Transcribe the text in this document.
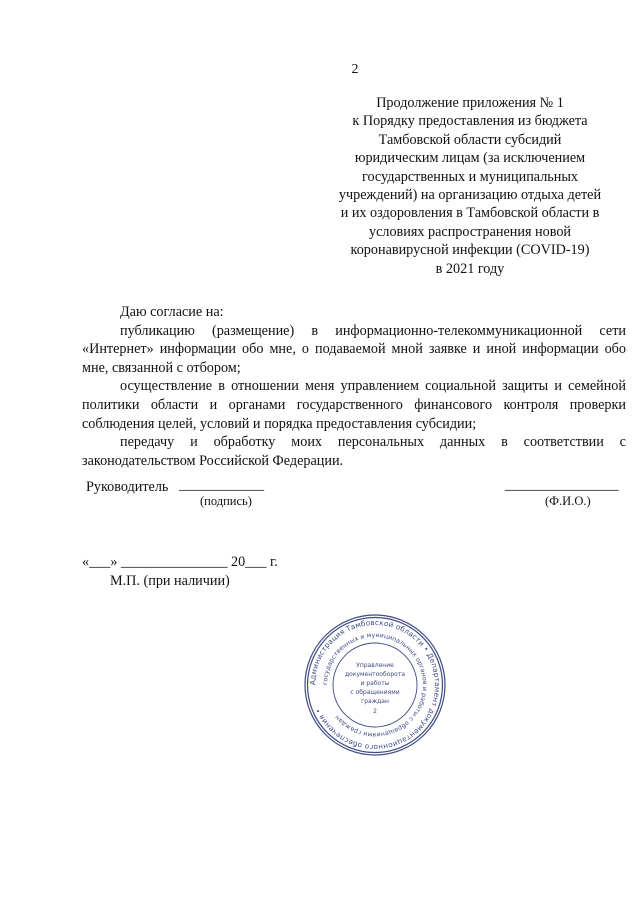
2
Продолжение приложения № 1
к Порядку предоставления из бюджета
Тамбовской области субсидий
юридическим лицам (за исключением
государственных и муниципальных
учреждений) на организацию отдыха детей
и их оздоровления в Тамбовской области в
условиях распространения новой
коронавирусной инфекции (COVID-19)
в 2021 году

Даю согласие на:

публикацию (размещение) в информационно-телекоммуникационной сети «Интернет» информации обо мне, о подаваемой мной заявке и иной информации обо мне, связанной с отбором;

осуществление в отношении меня управлением социальной защиты и семейной политики области и органами государственного финансового контроля проверки соблюдения целей, условий и порядка предоставления субсидии;

передачу и обработку моих персональных данных в соответствии с законодательством Российской Федерации.

Руководитель ____________
(подпись)
________________
(Ф.И.О.)
«___» _______________ 20___ г.
М.П. (при наличии)
Администрация Тамбовской области • Департамент документационного обеспечения •
государственных и муниципальных органов и работы с обращениями граждан
Управление
документооборота
и работы
с обращениями
граждан
2
